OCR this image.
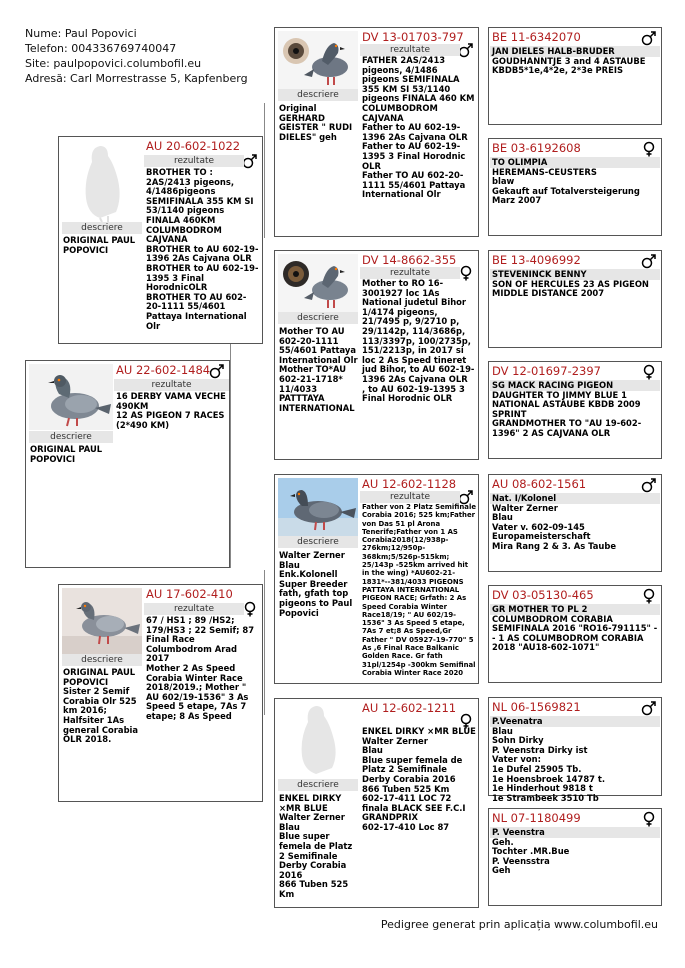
Nume: Paul Popovici
Telefon: 004336769740047
Site: paulpopovici.columbofil.eu
Adresă: Carl Morrestrasse 5, Kapfenberg
descriere
ORIGINAL PAUL POPOVICI
AU 22-602-1484
rezultate
16 DERBY VAMA VECHE 490KM
12 AS PIGEON 7 RACES (2*490 KM)
descriere
ORIGINAL PAUL POPOVICI
AU 20-602-1022
rezultate
BROTHER TO :
2AS/2413 pigeons, 4/1486pigeons SEMIFINALA 355 KM SI 53/1140 pigeons FINALA 460KM COLUMBODROM CAJVANA
BROTHER to AU 602-19-1396 2As Cajvana OLR
BROTHER to AU 602-19-1395 3 Final HorodnicOLR
BROTHER TO AU 602-20-1111 55/4601 Pattaya International Olr
descriere
ORIGINAL PAUL POPOVICI
Sister 2 Semif Corabia Olr 525 km 2016; Halfsiter 1As general Corabia OLR 2018.
AU 17-602-410
rezultate
67 / HS1 ; 89 /HS2; 179/HS3 ; 22 Semif; 87 Final Race Columbodrom Arad 2017
Mother 2 As Speed Corabia Winter Race 2018/2019.; Mother " AU 602/19-1536" 3 As Speed 5 etape, 7As 7 etape; 8 As Speed
descriere
Original GERHARD GEISTER " RUDI DIELES" geh
DV 13-01703-797
rezultate
FATHER 2AS/2413 pigeons, 4/1486 pigeons SEMIFINALA 355 KM SI 53/1140 pigeons FINALA 460 KM COLUMBODROM CAJVANA
Father to AU 602-19-1396 2As Cajvana OLR
Father to AU 602-19-1395 3 Final Horodnic OLR
Father TO AU 602-20-1111 55/4601 Pattaya International Olr
descriere
Mother TO AU 602-20-1111 55/4601 Pattaya International Olr
Mother TO*AU 602-21-1718* 11/4033 PATTTAYA INTERNATIONAL
DV 14-8662-355
rezultate
Mother to RO 16-3001927 loc 1As National judetul Bihor 1/4174 pigeons, 21/7495 p, 9/2710 p, 29/1142p, 114/3686p, 113/3397p, 100/2735p, 151/2213p, in 2017 si loc 2 As Speed tineret jud Bihor, to AU 602-19-1396 2As Cajvana OLR
, to AU 602-19-1395 3 Final Horodnic OLR
descriere
Walter Zerner Blau
Enk.Kolonell Super Breeder fath, gfath top pigeons to Paul Popovici
AU 12-602-1128
rezultate
Father von 2 Platz Semifinale Corabia 2016; 525 km;Father von Das 51 pl Arona Tenerife;Father von 1 AS Corabia2018(12/938p-276km;12/950p-368km;5/526p-515km; 25/143p -525km arrived hit in the wing) *AU602-21-1831*--381/4033 PIGEONS PATTAYA INTERNATIONAL PIGEON RACE; Grfath: 2 As Speed Corabia Winter Race18/19; " AU 602/19-1536" 3 As Speed 5 etape, 7As 7 et;8 As Speed,Gr Father " DV 05927-19-770" 5 As ,6 Final Race Balkanic Golden Race. Gr fath 31pl/1254p -300km Semifinal Corabia Winter Race 2020
descriere
ENKEL DIRKY ×MR BLUE
Walter Zerner
Blau
Blue super femela de Platz 2 Semifinale Derby Corabia 2016
866 Tuben 525 Km
AU 12-602-1211
ENKEL DIRKY ×MR BLUE
Walter Zerner
Blau
Blue super femela de Platz 2 Semifinale Derby Corabia 2016
866 Tuben 525 Km
602-17-411 LOC 72 finala BLACK SEE F.C.I GRANDPRIX
602-17-410 Loc 87
BE 11-6342070
JAN DIELES HALB-BRUDER GOUDHANNTJE 3 and 4 ASTAUBE KBDB5*1e,4*2e, 2*3e PREIS
BE 03-6192608
TO OLIMPIA
HEREMANS-CEUSTERS
blaw
Gekauft auf Totalversteigerung Marz 2007
BE 13-4096992
STEVENINCK BENNY
SON OF HERCULES 23 AS PIGEON MIDDLE DISTANCE 2007
DV 12-01697-2397
SG MACK RACING PIGEON
DAUGHTER TO JIMMY BLUE 1 NATIONAL ASTAUBE KBDB 2009 SPRINT
GRANDMOTHER TO "AU 19-602-1396" 2 AS CAJVANA OLR
AU 08-602-1561
Nat. I/Kolonel
Walter Zerner
Blau
Vater v. 602-09-145
Europameisterschaft
Mira Rang 2 & 3. As Taube
DV 03-05130-465
GR MOTHER TO PL 2 COLUMBODROM CORABIA SEMIFINALA 2016 "RO16-791115" -- 1 AS COLUMBODROM CORABIA 2018 "AU18-602-1071"
NL 06-1569821
P.Veenatra
Blau
Sohn Dirky
P. Veenstra Dirky ist
Vater von:
1e Dufel 25905 Tb.
1e Hoensbroek 14787 t.
1e Hinderhout 9818 t
1e Strambeek 3510 Tb
NL 07-1180499
P. Veenstra
Geh.
Tochter .MR.Bue
P. Veensstra
Geh
Pedigree generat prin aplicația www.columbofil.eu
